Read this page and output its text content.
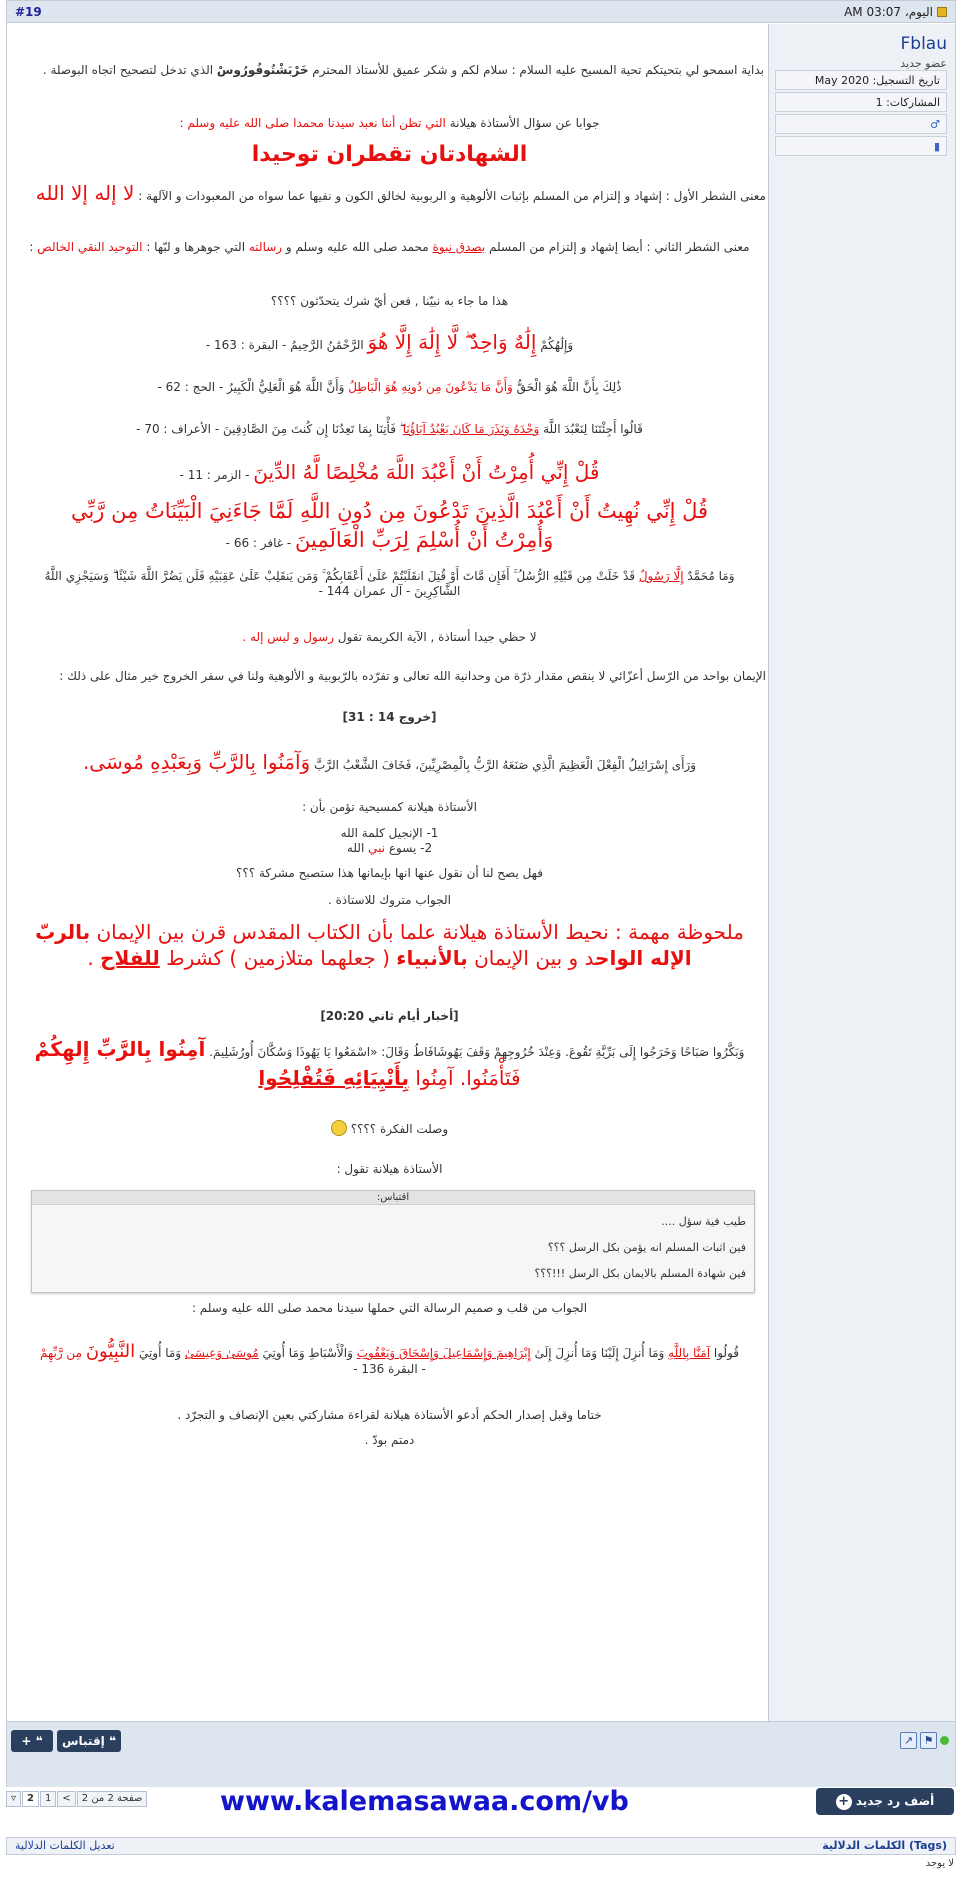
#19	اليوم، 03:07 AM
Fblau
عضو جديد
تاريخ التسجيل: May 2020
المشاركات: 1
♂
▮
بداية اسمحو لي بتحيتكم تحية المسيح عليه السلام : سلام لكم و شكر عميق للأستاذ المحترم خَرْبَشْتُوفُورُوسْ الذي تدخل لتصحيح اتجاه البوصلة .
جوابا عن سؤال الأستاذة هيلانة التي تظن أننا نعبد سيدنا محمدا صلى الله عليه وسلم :
الشهادتان تقطران توحيدا
معنى الشطر الأول : إشهاد و إلتزام من المسلم بإثبات الألوهية و الربوبية لخالق الكون و نفيها عما سواه من المعبودات و الآلهة : لا إله إلا الله
معنى الشطر الثاني : أيضا إشهاد و إلتزام من المسلم بصدق نبوة محمد صلى الله عليه وسلم و رسالته التي جوهرها و لبّها : التوحيد النقي الخالص :
هذا ما جاء به نبيّنا , فعن أيّ شرك يتحدّثون ؟؟؟؟
وَإِلَٰهُكُمْ إِلَٰهٌ وَاحِدٌ ۖ لَّا إِلَٰهَ إِلَّا هُوَ الرَّحْمَٰنُ الرَّحِيمُ - البقرة : 163 -
ذَٰلِكَ بِأَنَّ اللَّهَ هُوَ الْحَقُّ وَأَنَّ مَا يَدْعُونَ مِن دُونِهِ هُوَ الْبَاطِلُ وَأَنَّ اللَّهَ هُوَ الْعَلِيُّ الْكَبِيرُ - الحج : 62 -
قَالُوا أَجِئْتَنَا لِنَعْبُدَ اللَّهَ وَحْدَهُ وَنَذَرَ مَا كَانَ يَعْبُدُ آبَاؤُنَا ۖ فَأْتِنَا بِمَا تَعِدُنَا إِن كُنتَ مِنَ الصَّادِقِينَ - الأعراف : 70 -
قُلْ إِنِّي أُمِرْتُ أَنْ أَعْبُدَ اللَّهَ مُخْلِصًا لَّهُ الدِّينَ - الزمر : 11 -
قُلْ إِنِّي نُهِيتُ أَنْ أَعْبُدَ الَّذِينَ تَدْعُونَ مِن دُونِ اللَّهِ لَمَّا جَاءَنِيَ الْبَيِّنَاتُ مِن رَّبِّي
وَأُمِرْتُ أَنْ أُسْلِمَ لِرَبِّ الْعَالَمِينَ - غافر : 66 -
وَمَا مُحَمَّدٌ إِلَّا رَسُولٌ قَدْ خَلَتْ مِن قَبْلِهِ الرُّسُلُ ۚ أَفَإِن مَّاتَ أَوْ قُتِلَ انقَلَبْتُمْ عَلَىٰ أَعْقَابِكُمْ ۚ وَمَن يَنقَلِبْ عَلَىٰ عَقِبَيْهِ فَلَن يَضُرَّ اللَّهَ شَيْئًا ۗ وَسَيَجْزِي اللَّهُ
الشَّاكِرِينَ - آل عمران 144 -
لا حظي جيدا أستاذة , الآية الكريمة تقول رسول و ليس إله .
الإيمان بواحد من الرّسل أعزّائي لا ينقص مقدار ذرّة من وحدانية الله تعالى و تفرّده بالرّبوبية و الألوهية ولنا في سفر الخروج خير مثال على ذلك :
[خروج 14 : 31]
وَرَأَى إِسْرَائِيلُ الْفِعْلَ الْعَظِيمَ الَّذِي صَنَعَهُ الرَّبُّ بِالْمِصْرِيِّينَ، فَخَافَ الشَّعْبُ الرَّبَّ وَآمَنُوا بِالرَّبِّ وَبِعَبْدِهِ مُوسَى.
الأستاذة هيلانة كمسيحية تؤمن بأن :
1- الإنجيل كلمة الله
2- يسوع نبي الله
فهل يصح لنا أن نقول عنها انها بإيمانها هذا ستصبح مشركة ؟؟؟
الجواب متروك للاستاذة .
ملحوظة مهمة : نحيط الأستاذة هيلانة علما بأن الكتاب المقدس قرن بين الإيمان بالربّ الإله الواحد و بين الإيمان بالأنبياء ( جعلهما متلازمين ) كشرط للفلاح .
[أخبار أيام ثاني 20:20]
وَبَكَّرُوا صَبَاحًا وَخَرَجُوا إِلَى بَرِّيَّةِ تَقُوعَ. وَعِنْدَ خُرُوجِهِمْ وَقَفَ يَهُوشَافَاطُ وَقَالَ: «اسْمَعُوا يَا يَهُوذَا وَسُكَّانَ أُورُشَلِيمَ. آمِنُوا بِالرَّبِّ إِلهِكُمْ
فَتَأْمَنُوا. آمِنُوا بِأَنْبِيَائِهِ فَتُفْلِحُوا
وصلت الفكرة ؟؟؟؟
الأستاذة هيلانة تقول :
الجواب من قلب و صميم الرسالة التي حملها سيدنا محمد صلى الله عليه وسلم :
قُولُوا آمَنَّا بِاللَّهِ وَمَا أُنزِلَ إِلَيْنَا وَمَا أُنزِلَ إِلَىٰ إِبْرَاهِيمَ وَإِسْمَاعِيلَ وَإِسْحَاقَ وَيَعْقُوبَ وَالْأَسْبَاطِ وَمَا أُوتِيَ مُوسَىٰ وَعِيسَىٰ وَمَا أُوتِيَ النَّبِيُّونَ مِن رَّبِّهِمْ
- البقرة 136 -
ختاما وقبل إصدار الحكم أدعو الأستاذة هيلانة لقراءة مشاركتي بعين الإنصاف و التجرّد .
دمتم بودّ .
اقتباس:
طيب فية سؤل ....
فين اثبات المسلم انه يؤمن بكل الرسل ؟؟؟
فين شهادة المسلم بالايمان بكل الرسل !!!؟؟؟
+ ❝	إقتباس ❝	⚑
↗
▿ 2 1 < صفحة 2 من 2	www.kalemasawaa.com/vb	أضف رد جديد +
الكلمات الدلالية (Tags)
تعديل الكلمات الدلالية
لا يوجد
